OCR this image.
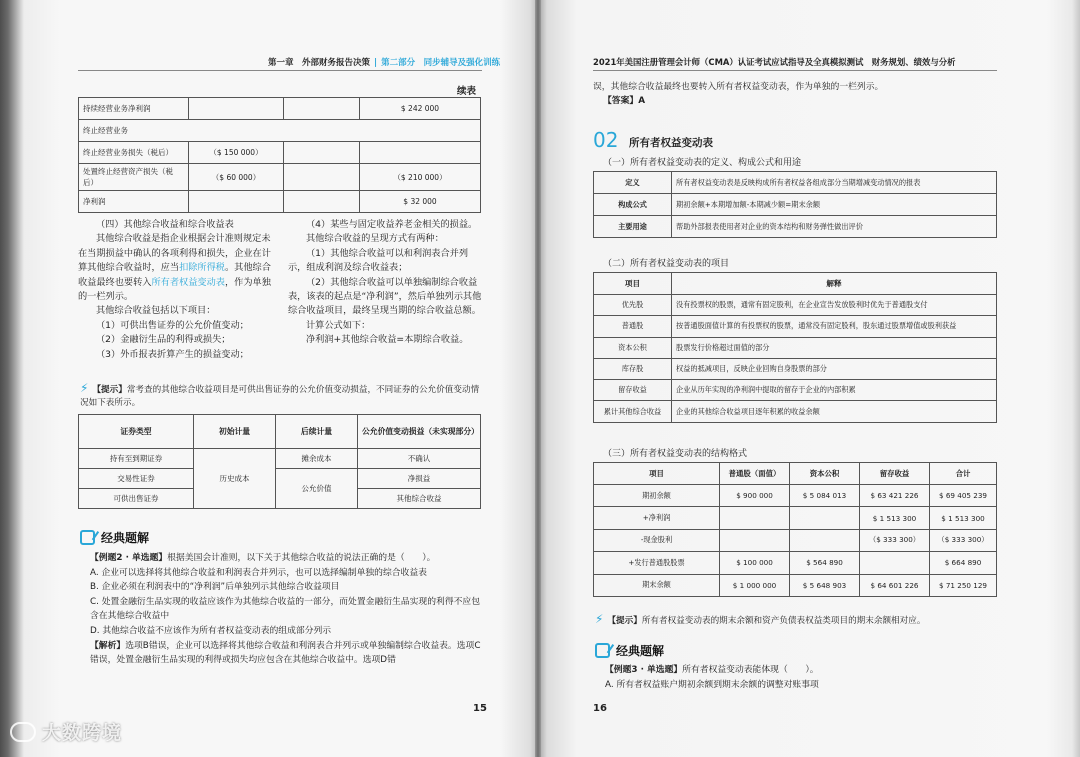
第一章　外部财务报告决策 | 第二部分　同步辅导及强化训练
续表
持续经营业务净利润			$ 242 000
终止经营业务			
终止经营业务损失（税后）	（$ 150 000）		
处置终止经营资产损失（税后）	（$ 60 000）		（$ 210 000）
净利润			$ 32 000
（四）其他综合收益和综合收益表
其他综合收益是指企业根据会计准则规定未在当期损益中确认的各项利得和损失，企业在计算其他综合收益时，应当扣除所得税。其他综合收益最终也要转入所有者权益变动表，作为单独的一栏列示。
其他综合收益包括以下项目：
（1）可供出售证券的公允价值变动；
（2）金融衍生品的利得或损失；
（3）外币报表折算产生的损益变动；
（4）某些与固定收益养老金相关的损益。
其他综合收益的呈现方式有两种：
（1）其他综合收益可以和利润表合并列示，组成利润及综合收益表；
（2）其他综合收益可以单独编制综合收益表，该表的起点是“净利润”，然后单独列示其他综合收益项目，最终呈现当期的综合收益总额。
计算公式如下：
净利润+其他综合收益=本期综合收益。
⚡ 【提示】常考查的其他综合收益项目是可供出售证券的公允价值变动损益，不同证券的公允价值变动情况如下表所示。
证券类型	初始计量	后续计量	公允价值变动损益（未实现部分）
持有至到期证券	历史成本	摊余成本	不确认
交易性证券		公允价值	净损益
可供出售证券			其他综合收益
经典题解
【例题2 · 单选题】根据美国会计准则，以下关于其他综合收益的说法正确的是（　　）。
A. 企业可以选择将其他综合收益和利润表合并列示，也可以选择编制单独的综合收益表
B. 企业必须在利润表中的“净利润”后单独列示其他综合收益项目
C. 处置金融衍生品实现的收益应该作为其他综合收益的一部分，而处置金融衍生品实现的利得不应包含在其他综合收益中
D. 其他综合收益不应该作为所有者权益变动表的组成部分列示
【解析】选项B错误，企业可以选择将其他综合收益和利润表合并列示或单独编制综合收益表。选项C错误，处置金融衍生品实现的利得或损失均应包含在其他综合收益中。选项D错
15
大数跨境
2021年美国注册管理会计师（CMA）认证考试应试指导及全真模拟测试　财务规划、绩效与分析
误，其他综合收益最终也要转入所有者权益变动表，作为单独的一栏列示。
【答案】A
02 所有者权益变动表
（一）所有者权益变动表的定义、构成公式和用途
（二）所有者权益变动表的项目
（三）所有者权益变动表的结构格式
⚡ 【提示】所有者权益变动表的期末余额和资产负债表权益类项目的期末余额相对应。
经典题解
【例题3 · 单选题】所有者权益变动表能体现（　　）。
A. 所有者权益账户期初余额到期末余额的调整对账事项
16
定义	所有者权益变动表是反映构成所有者权益各组成部分当期增减变动情况的报表
构成公式	期初余额+本期增加额-本期减少额=期末余额
主要用途	帮助外部报表使用者对企业的资本结构和财务弹性做出评价
项目	解释
优先股	没有投票权的股票，通常有固定股利，在企业宣告发放股利时优先于普通股支付
普通股	按普通股面值计算的有投票权的股票，通常没有固定股利，股东通过股票增值或股利获益
资本公积	股票发行价格超过面值的部分
库存股	权益的抵减项目，反映企业回购自身股票的部分
留存收益	企业从历年实现的净利润中提取的留存于企业的内部积累
累计其他综合收益	企业的其他综合收益项目逐年积累的收益余额
项目	普通股（面值）	资本公积	留存收益	合计
期初余额	$ 900 000	$ 5 084 013	$ 63 421 226	$ 69 405 239
+净利润			$ 1 513 300	$ 1 513 300
-现金股利			（$ 333 300）	（$ 333 300）
+发行普通股股票	$ 100 000	$ 564 890		$ 664 890
期末余额	$ 1 000 000	$ 5 648 903	$ 64 601 226	$ 71 250 129
